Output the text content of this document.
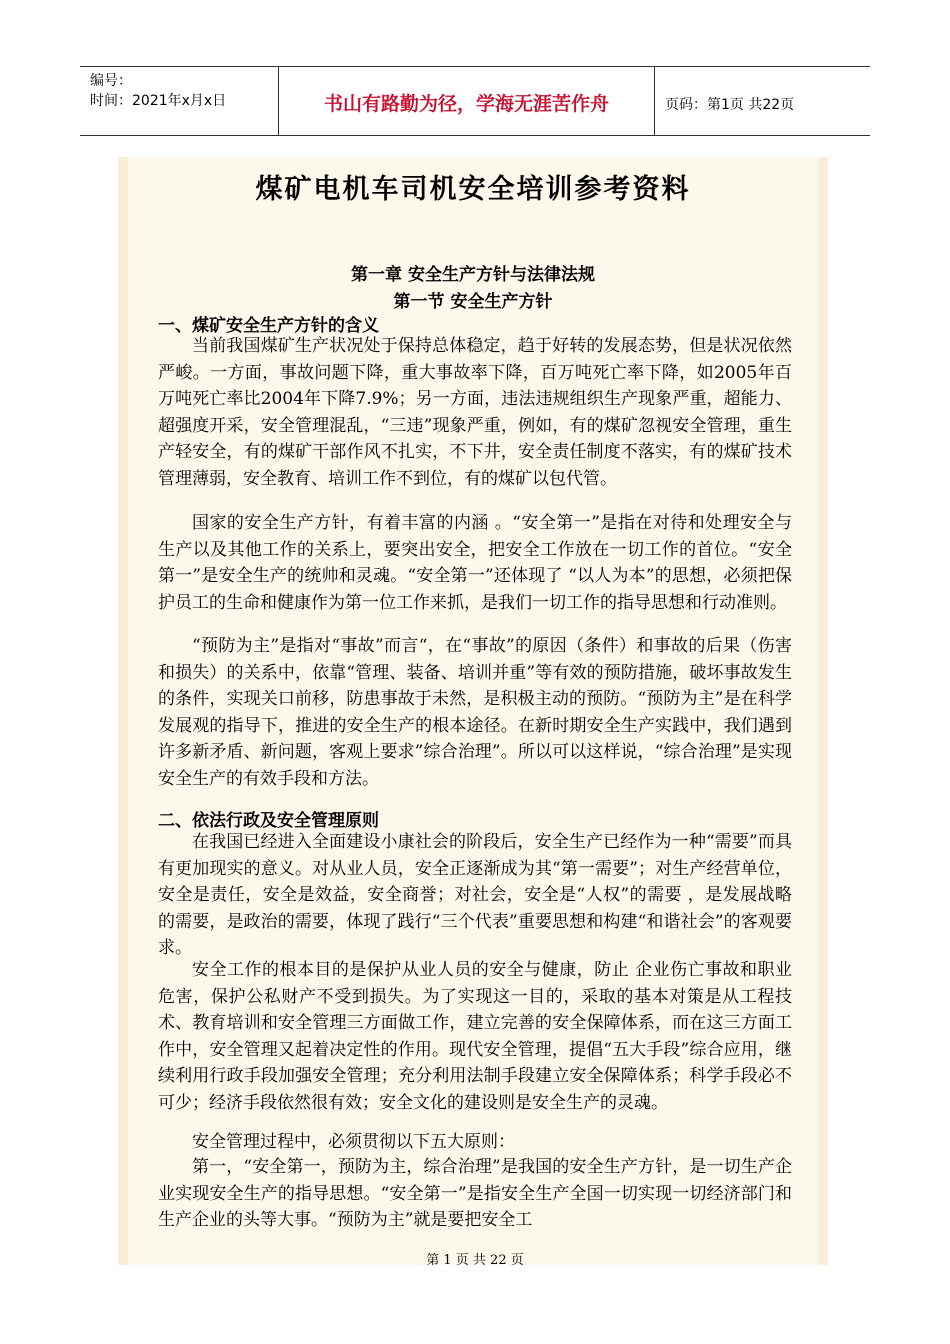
编号：
时间：2021年x月x日	书山有路勤为径，学海无涯苦作舟	页码：第1页 共22页
煤矿电机车司机安全培训参考资料
第一章 安全生产方针与法律法规
第一节 安全生产方针
一、煤矿安全生产方针的含义

当前我国煤矿生产状况处于保持总体稳定，趋于好转的发展态势，但是状况依然严峻。一方面，事故问题下降，重大事故率下降，百万吨死亡率下降，如2005年百万吨死亡率比2004年下降7.9%；另一方面，违法违规组织生产现象严重，超能力、超强度开采，安全管理混乱，“三违”现象严重，例如，有的煤矿忽视安全管理，重生产轻安全，有的煤矿干部作风不扎实，不下井，安全责任制度不落实，有的煤矿技术管理薄弱，安全教育、培训工作不到位，有的煤矿以包代管。

国家的安全生产方针，有着丰富的内涵 。“安全第一”是指在对待和处理安全与生产以及其他工作的关系上，要突出安全，把安全工作放在一切工作的首位。“安全第一”是安全生产的统帅和灵魂。“安全第一”还体现了 “以人为本”的思想，必须把保护员工的生命和健康作为第一位工作来抓，是我们一切工作的指导思想和行动准则。

“预防为主”是指对“事故”而言“，在“事故”的原因（条件）和事故的后果（伤害和损失）的关系中，依靠“管理、装备、培训并重”等有效的预防措施，破坏事故发生的条件，实现关口前移，防患事故于未然，是积极主动的预防。“预防为主”是在科学发展观的指导下，推进的安全生产的根本途径。在新时期安全生产实践中，我们遇到许多新矛盾、新问题，客观上要求”综合治理”。所以可以这样说，“综合治理”是实现安全生产的有效手段和方法。

二、依法行政及安全管理原则

在我国已经进入全面建设小康社会的阶段后，安全生产已经作为一种“需要”而具有更加现实的意义。对从业人员，安全正逐渐成为其“第一需要”；对生产经营单位，安全是责任，安全是效益，安全商誉；对社会，安全是“人权”的需要 ，是发展战略的需要，是政治的需要，体现了践行“三个代表”重要思想和构建“和谐社会”的客观要求。

安全工作的根本目的是保护从业人员的安全与健康，防止 企业伤亡事故和职业危害，保护公私财产不受到损失。为了实现这一目的，采取的基本对策是从工程技术、教育培训和安全管理三方面做工作，建立完善的安全保障体系，而在这三方面工作中，安全管理又起着决定性的作用。现代安全管理，提倡“五大手段”综合应用，继续利用行政手段加强安全管理；充分利用法制手段建立安全保障体系；科学手段必不可少；经济手段依然很有效；安全文化的建设则是安全生产的灵魂。

安全管理过程中，必须贯彻以下五大原则：

第一，“安全第一，预防为主，综合治理”是我国的安全生产方针，是一切生产企业实现安全生产的指导思想。“安全第一”是指安全生产全国一切实现一切经济部门和生产企业的头等大事。“预防为主”就是要把安全工

第 1 页 共 22 页
